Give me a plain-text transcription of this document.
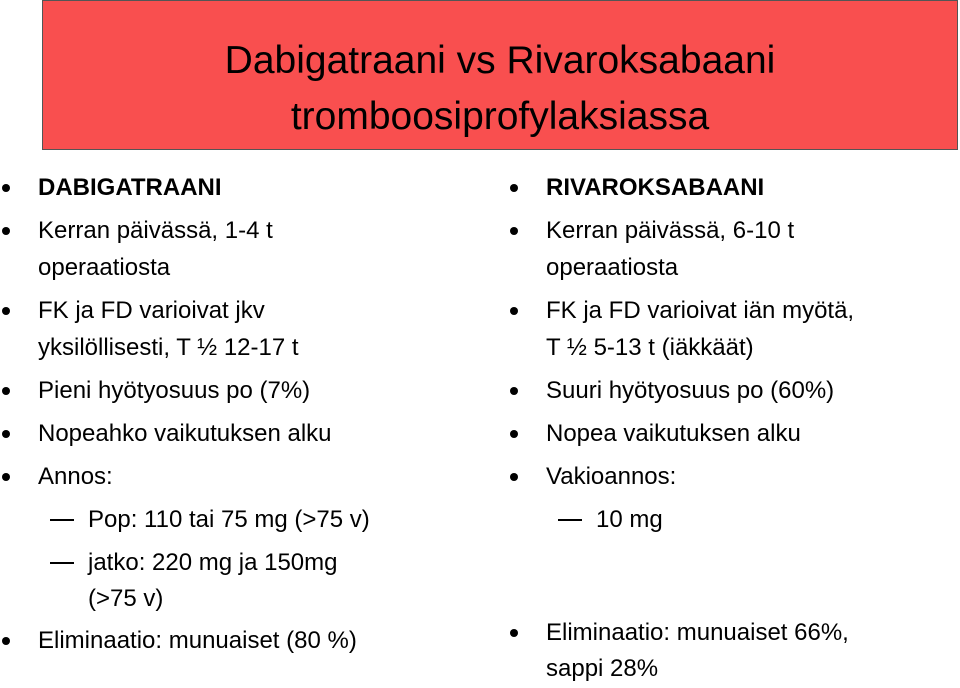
Dabigatraani vs Rivaroksabaani
tromboosiprofylaksiassa
DABIGATRAANI
Kerran päivässä, 1-4 t
operaatiosta
FK ja FD varioivat jkv
yksilöllisesti, T ½ 12-17 t
Pieni hyötyosuus po (7%)
Nopeahko vaikutuksen alku
Annos:
Pop: 110 tai 75 mg (>75 v)
jatko: 220 mg ja 150mg
(>75 v)
Eliminaatio: munuaiset (80 %)
RIVAROKSABAANI
Kerran päivässä, 6-10 t
operaatiosta
FK ja FD varioivat iän myötä,
T ½ 5-13 t (iäkkäät)
Suuri hyötyosuus po (60%)
Nopea vaikutuksen alku
Vakioannos:
10 mg
Eliminaatio: munuaiset 66%,
sappi 28%
